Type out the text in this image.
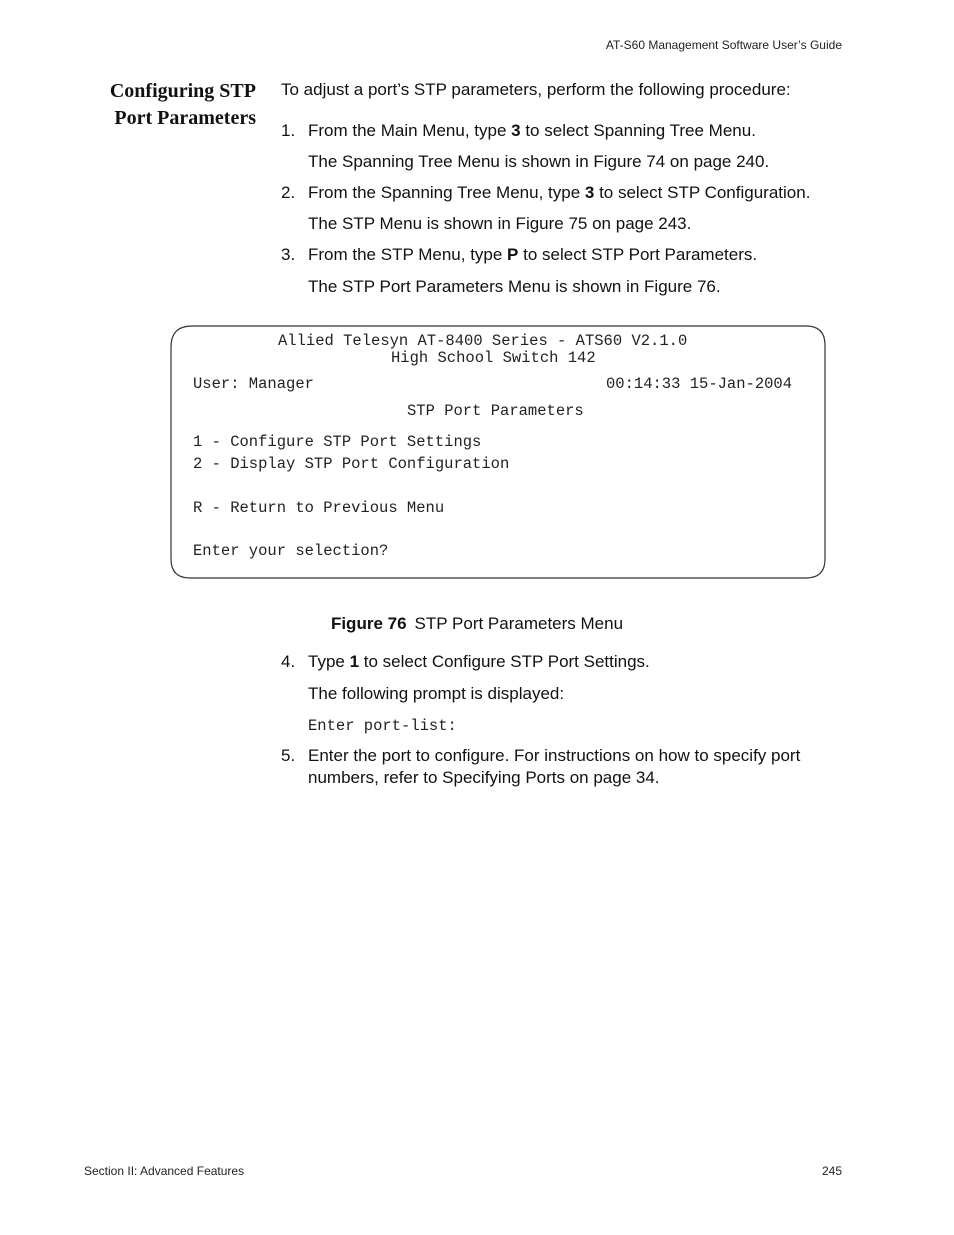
AT-S60 Management Software User’s Guide
Configuring STP
Port Parameters
To adjust a port’s STP parameters, perform the following procedure:
1. From the Main Menu, type 3 to select Spanning Tree Menu.
The Spanning Tree Menu is shown in Figure 74 on page 240.
2. From the Spanning Tree Menu, type 3 to select STP Configuration.
The STP Menu is shown in Figure 75 on page 243.
3. From the STP Menu, type P to select STP Port Parameters.
The STP Port Parameters Menu is shown in Figure 76.
Allied Telesyn AT-8400 Series - ATS60 V2.1.0
High School Switch 142
User: Manager	00:14:33 15-Jan-2004
STP Port Parameters
1 - Configure STP Port Settings
2 - Display STP Port Configuration
R - Return to Previous Menu
Enter your selection?
Figure 76 STP Port Parameters Menu
4. Type 1 to select Configure STP Port Settings.
The following prompt is displayed:
Enter port-list:
5. Enter the port to configure. For instructions on how to specify port
numbers, refer to Specifying Ports on page 34.
Section II: Advanced Features	245
